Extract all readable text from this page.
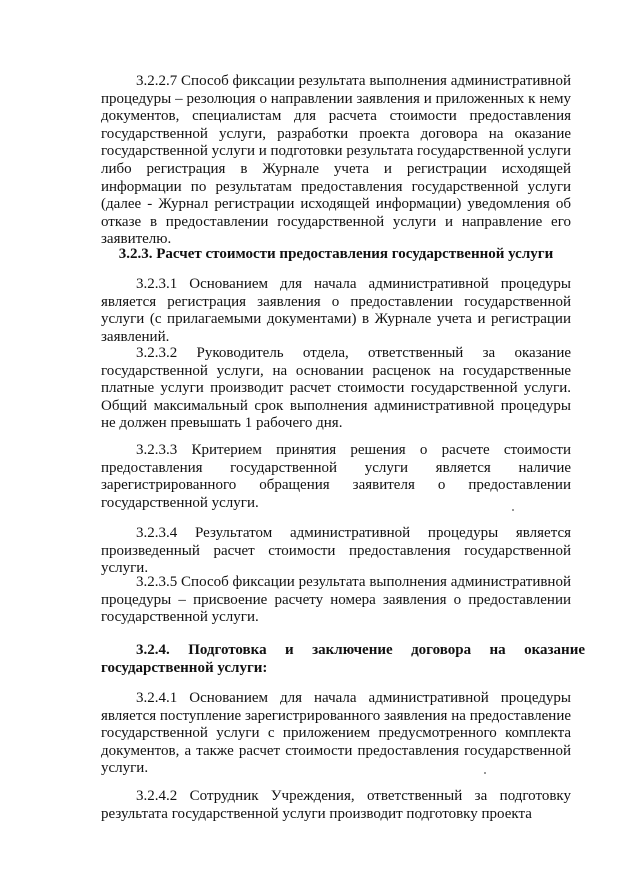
3.2.2.7 Способ фиксации результата выполнения административной процедуры – резолюция о направлении заявления и приложенных к нему документов, специалистам для расчета стоимости предоставления государственной услуги, разработки проекта договора на оказание государственной услуги и подготовки результата государственной услуги либо регистрация в Журнале учета и регистрации исходящей информации по результатам предоставления государственной услуги (далее - Журнал регистрации исходящей информации) уведомления об отказе в предоставлении государственной услуги и направление его заявителю.

3.2.3. Расчет стоимости предоставления государственной услуги

3.2.3.1 Основанием для начала административной процедуры является регистрация заявления о предоставлении государственной услуги (с прилагаемыми документами) в Журнале учета и регистрации заявлений.

3.2.3.2 Руководитель отдела, ответственный за оказание государственной услуги, на основании расценок на государственные платные услуги производит расчет стоимости государственной услуги. Общий максимальный срок выполнения административной процедуры не должен превышать 1 рабочего дня.

3.2.3.3 Критерием принятия решения о расчете стоимости предоставления государственной услуги является наличие зарегистрированного обращения заявителя о предоставлении государственной услуги.

3.2.3.4 Результатом административной процедуры является произведенный расчет стоимости предоставления государственной услуги.

3.2.3.5 Способ фиксации результата выполнения административной процедуры – присвоение расчету номера заявления о предоставлении государственной услуги.

3.2.4. Подготовка и заключение договора на оказание государственной услуги:

3.2.4.1 Основанием для начала административной процедуры является поступление зарегистрированного заявления на предоставление государственной услуги с приложением предусмотренного комплекта документов, а также расчет стоимости предоставления государственной услуги.

3.2.4.2 Сотрудник Учреждения, ответственный за подготовку результата государственной услуги производит подготовку проекта
